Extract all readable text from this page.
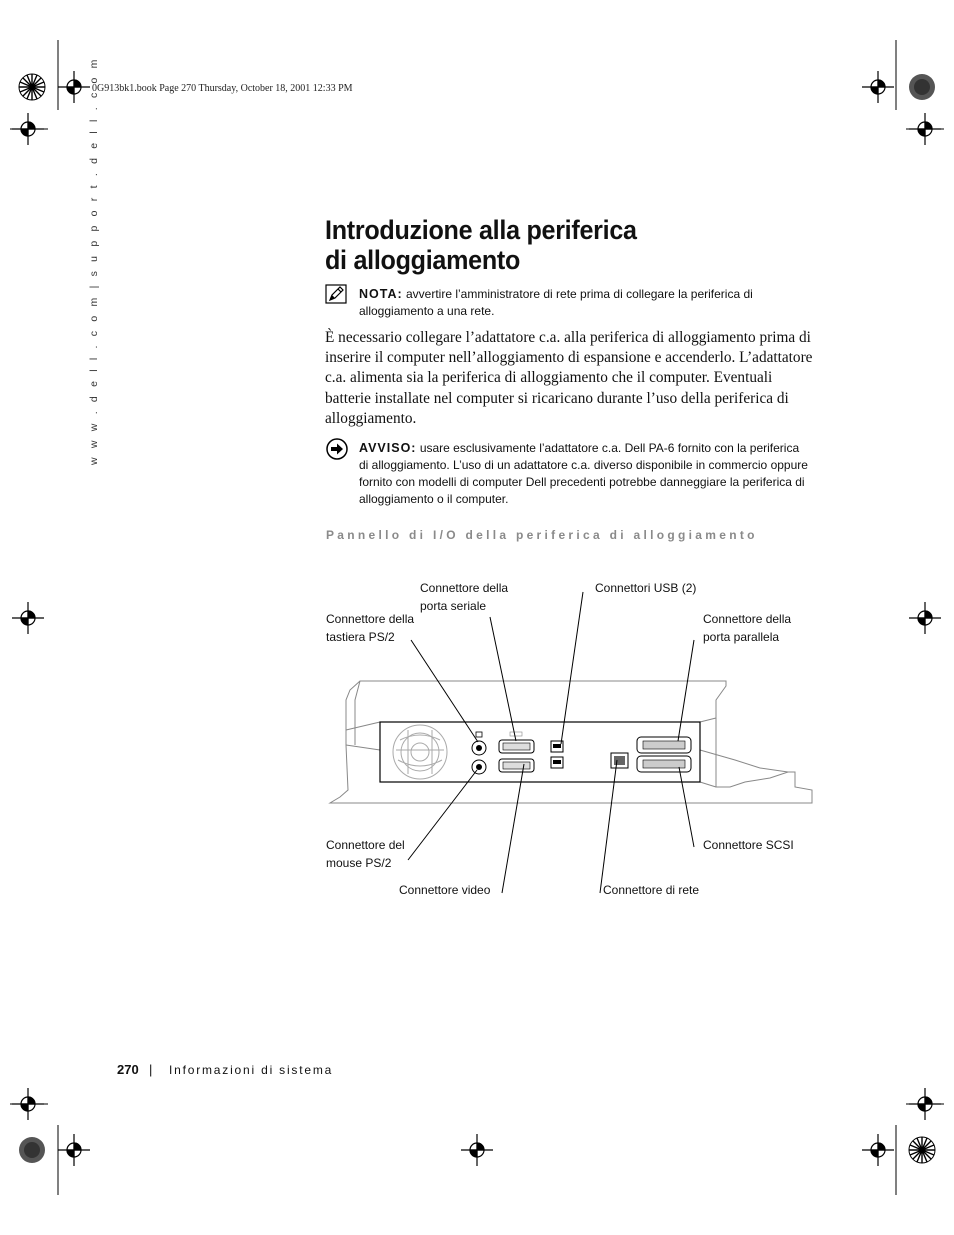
0G913bk1.book Page 270 Thursday, October 18, 2001 12:33 PM
w w w . d e l l . c o m | s u p p o r t . d e l l . c o m	Introduzione alla periferica
di alloggiamento
NOTA: avvertire l’amministratore di rete prima di collegare la periferica di alloggiamento a una rete.
È necessario collegare l’adattatore c.a. alla periferica di alloggiamento prima di inserire il computer nell’alloggiamento di espansione e accenderlo. L’adattatore c.a. alimenta sia la periferica di alloggiamento che il computer. Eventuali batterie installate nel computer si ricaricano durante l’uso della periferica di alloggiamento.
AVVISO: usare esclusivamente l’adattatore c.a. Dell PA-6 fornito con la periferica di alloggiamento. L’uso di un adattatore c.a. diverso disponibile in commercio oppure fornito con modelli di computer Dell precedenti potrebbe danneggiare la periferica di alloggiamento o il computer.
Pannello di I/O della periferica di alloggiamento
Connettore della
porta seriale
Connettori USB (2)
Connettore della
tastiera PS/2
Connettore della
porta parallela
Connettore del
mouse PS/2
Connettore SCSI
Connettore video	Connettore di rete
270 | Informazioni di sistema
